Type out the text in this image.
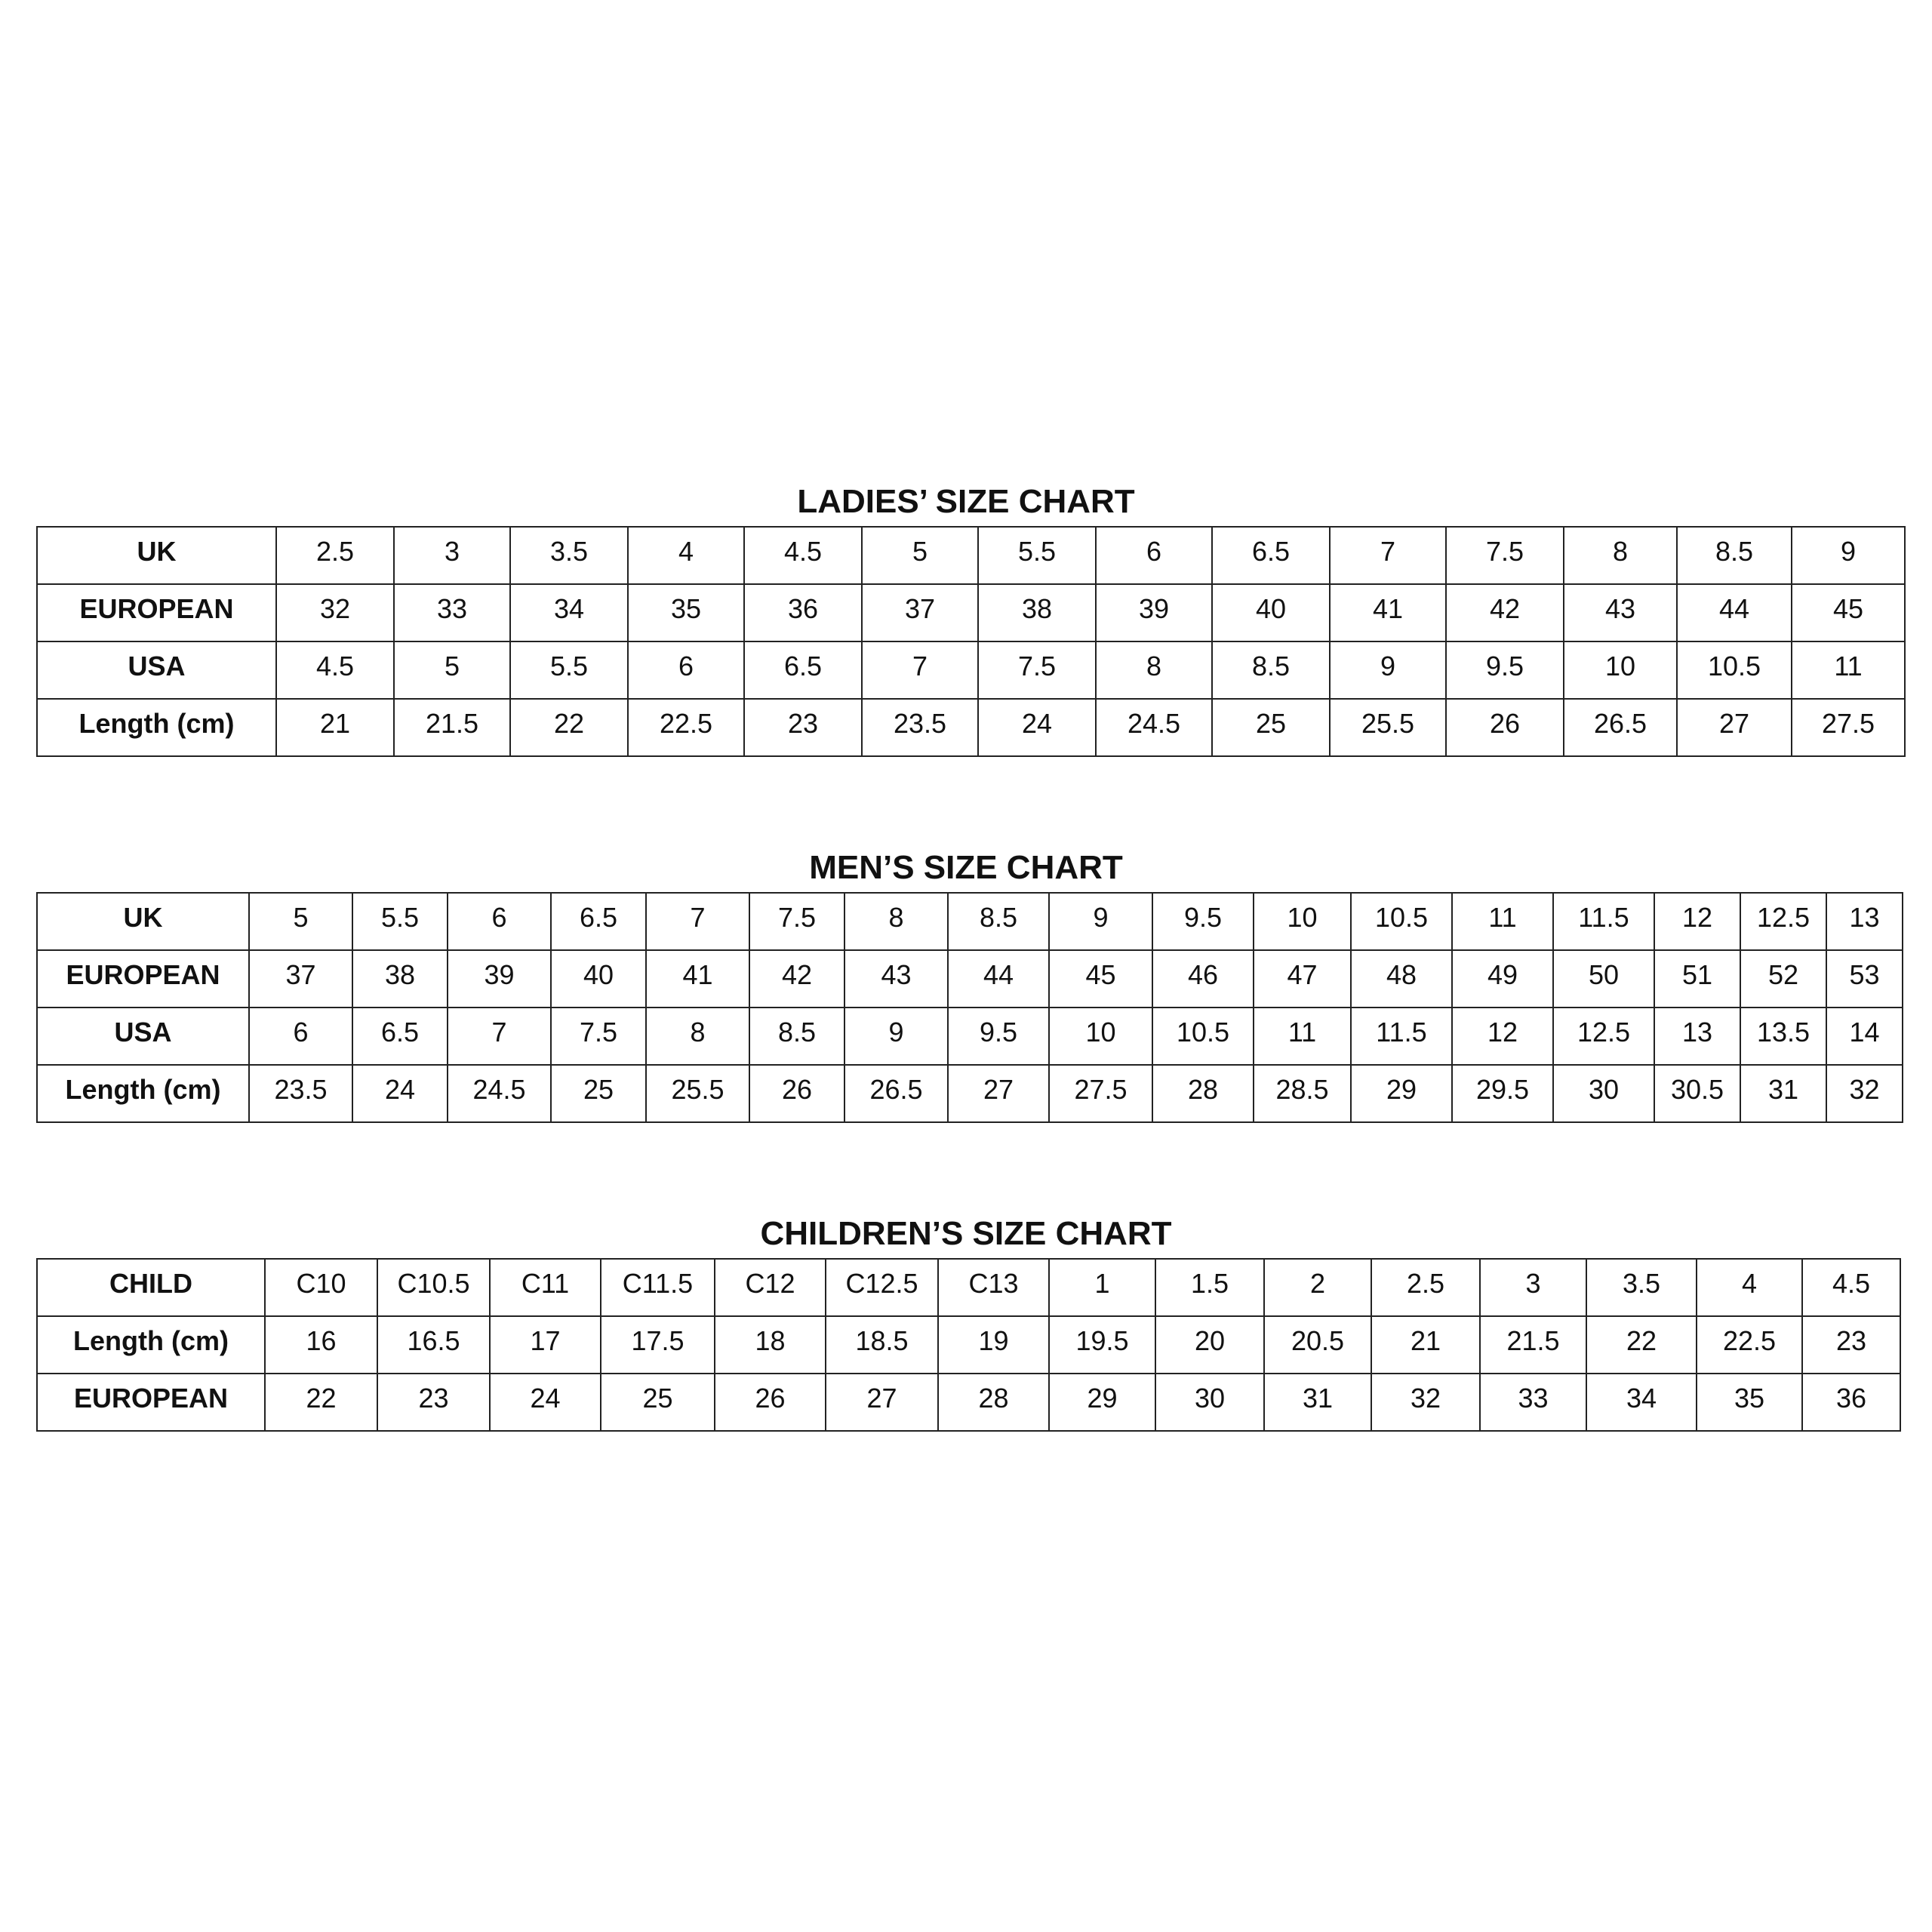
LADIES’ SIZE CHART
UK	2.5	3	3.5	4	4.5	5	5.5	6	6.5	7	7.5	8	8.5	9
EUROPEAN	32	33	34	35	36	37	38	39	40	41	42	43	44	45
USA	4.5	5	5.5	6	6.5	7	7.5	8	8.5	9	9.5	10	10.5	11
Length (cm)	21	21.5	22	22.5	23	23.5	24	24.5	25	25.5	26	26.5	27	27.5
MEN’S SIZE CHART
UK	5	5.5	6	6.5	7	7.5	8	8.5	9	9.5	10	10.5	11	11.5	12	12.5	13
EUROPEAN	37	38	39	40	41	42	43	44	45	46	47	48	49	50	51	52	53
USA	6	6.5	7	7.5	8	8.5	9	9.5	10	10.5	11	11.5	12	12.5	13	13.5	14
Length (cm)	23.5	24	24.5	25	25.5	26	26.5	27	27.5	28	28.5	29	29.5	30	30.5	31	32
CHILDREN’S SIZE CHART
CHILD	C10	C10.5	C11	C11.5	C12	C12.5	C13	1	1.5	2	2.5	3	3.5	4	4.5
Length (cm)	16	16.5	17	17.5	18	18.5	19	19.5	20	20.5	21	21.5	22	22.5	23
EUROPEAN	22	23	24	25	26	27	28	29	30	31	32	33	34	35	36
